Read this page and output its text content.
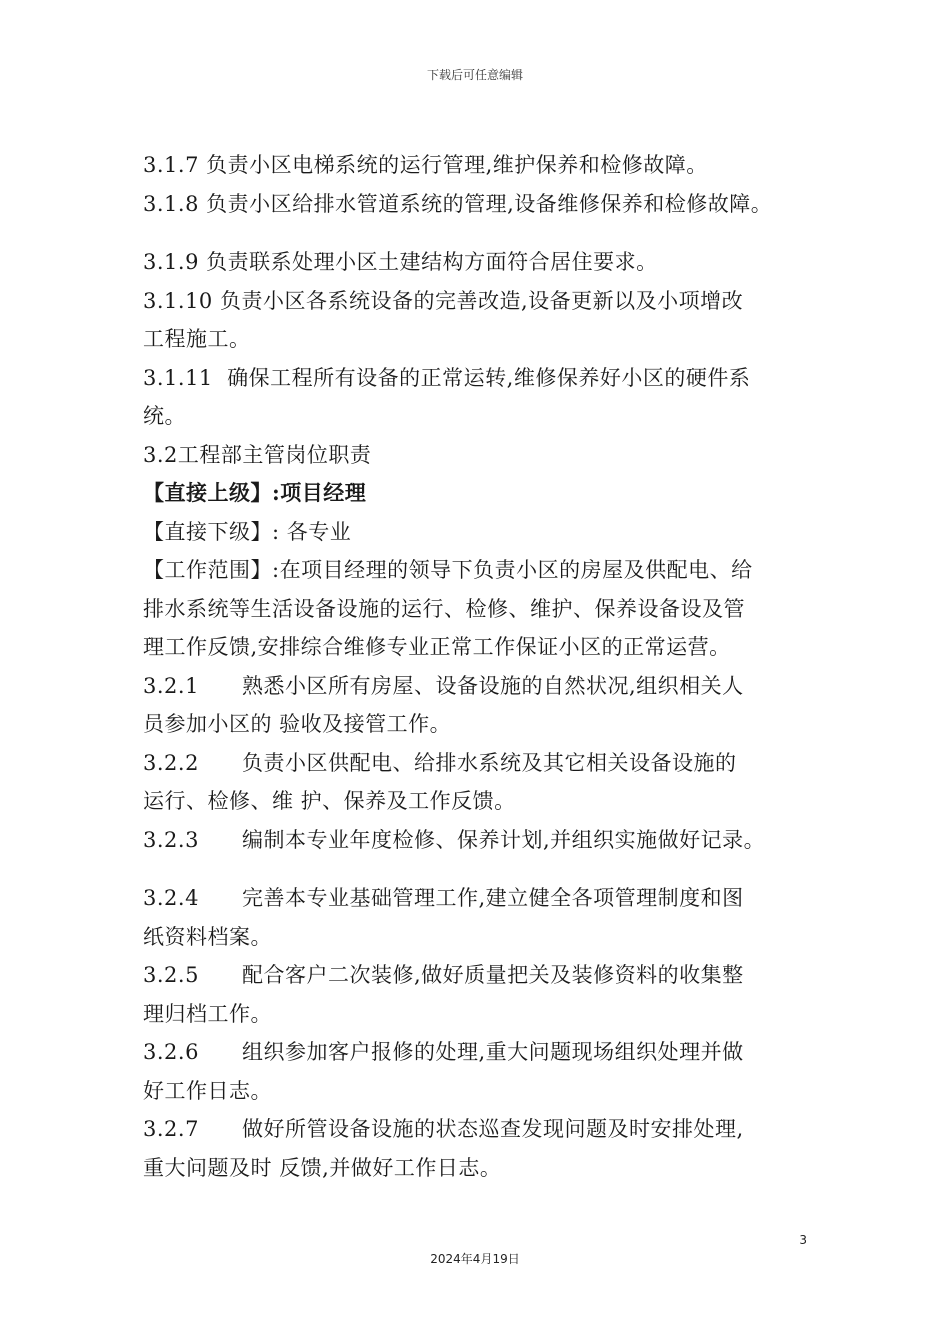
下载后可任意编辑
3.1.7 负责小区电梯系统的运行管理,维护保养和检修故障。
3.1.8 负责小区给排水管道系统的管理,设备维修保养和检修故障。
3.1.9 负责联系处理小区土建结构方面符合居住要求。
3.1.10 负责小区各系统设备的完善改造,设备更新以及小项增改
工程施工。
3.1.11  确保工程所有设备的正常运转,维修保养好小区的硬件系
统。
3.2工程部主管岗位职责
【直接上级】:项目经理
【直接下级】: 各专业
【工作范围】:在项目经理的领导下负责小区的房屋及供配电、给
排水系统等生活设备设施的运行、检修、维护、保养设备设及管
理工作反馈,安排综合维修专业正常工作保证小区的正常运营。
3.2.1      熟悉小区所有房屋、设备设施的自然状况,组织相关人
员参加小区的 验收及接管工作。
3.2.2      负责小区供配电、给排水系统及其它相关设备设施的
运行、检修、维 护、保养及工作反馈。
3.2.3      编制本专业年度检修、保养计划,并组织实施做好记录。
3.2.4      完善本专业基础管理工作,建立健全各项管理制度和图
纸资料档案。
3.2.5      配合客户二次装修,做好质量把关及装修资料的收集整
理归档工作。
3.2.6      组织参加客户报修的处理,重大问题现场组织处理并做
好工作日志。
3.2.7      做好所管设备设施的状态巡查发现问题及时安排处理,
重大问题及时 反馈,并做好工作日志。
3
2024年4月19日
